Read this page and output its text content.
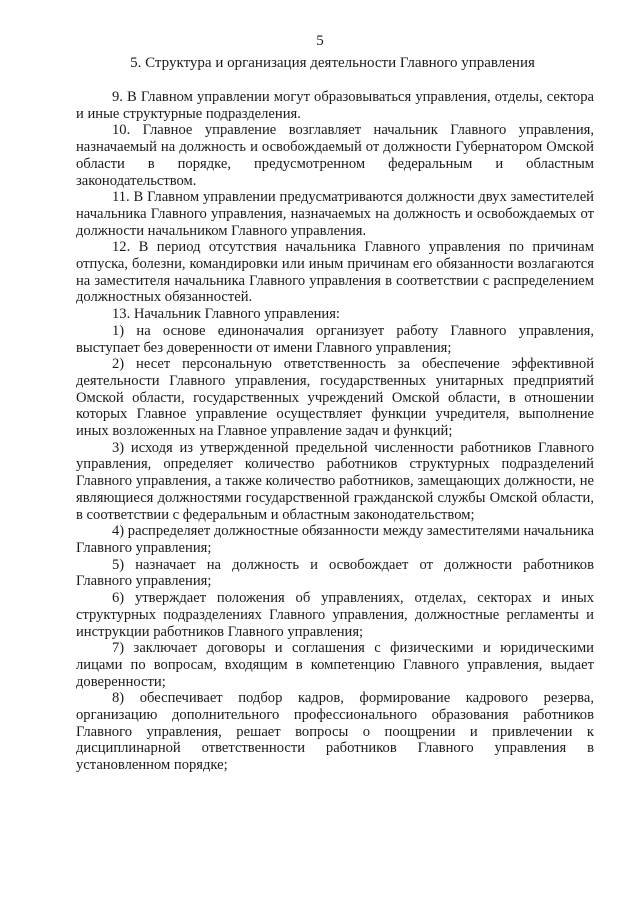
5
5. Структура и организация деятельности Главного управления

9. В Главном управлении могут образовываться управления, отделы, сектора и иные структурные подразделения.

10. Главное управление возглавляет начальник Главного управления, назначаемый на должность и освобождаемый от должности Губернатором Омской области в порядке, предусмотренном федеральным и областным законодательством.

11. В Главном управлении предусматриваются должности двух заместителей начальника Главного управления, назначаемых на должность и освобождаемых от должности начальником Главного управления.

12. В период отсутствия начальника Главного управления по причинам отпуска, болезни, командировки или иным причинам его обязанности возлагаются на заместителя начальника Главного управления в соответствии с распределением должностных обязанностей.

13. Начальник Главного управления:

1) на основе единоначалия организует работу Главного управления, выступает без доверенности от имени Главного управления;

2) несет персональную ответственность за обеспечение эффективной деятельности Главного управления, государственных унитарных предприятий Омской области, государственных учреждений Омской области, в отношении которых Главное управление осуществляет функции учредителя, выполнение иных возложенных на Главное управление задач и функций;

3) исходя из утвержденной предельной численности работников Главного управления, определяет количество работников структурных подразделений Главного управления, а также количество работников, замещающих должности, не являющиеся должностями государственной гражданской службы Омской области, в соответствии с федеральным и областным законодательством;

4) распределяет должностные обязанности между заместителями начальника Главного управления;

5) назначает на должность и освобождает от должности работников Главного управления;

6) утверждает положения об управлениях, отделах, секторах и иных структурных подразделениях Главного управления, должностные регламенты и инструкции работников Главного управления;

7) заключает договоры и соглашения с физическими и юридическими лицами по вопросам, входящим в компетенцию Главного управления, выдает доверенности;

8) обеспечивает подбор кадров, формирование кадрового резерва, организацию дополнительного профессионального образования работников Главного управления, решает вопросы о поощрении и привлечении к дисциплинарной ответственности работников Главного управления в установленном порядке;
